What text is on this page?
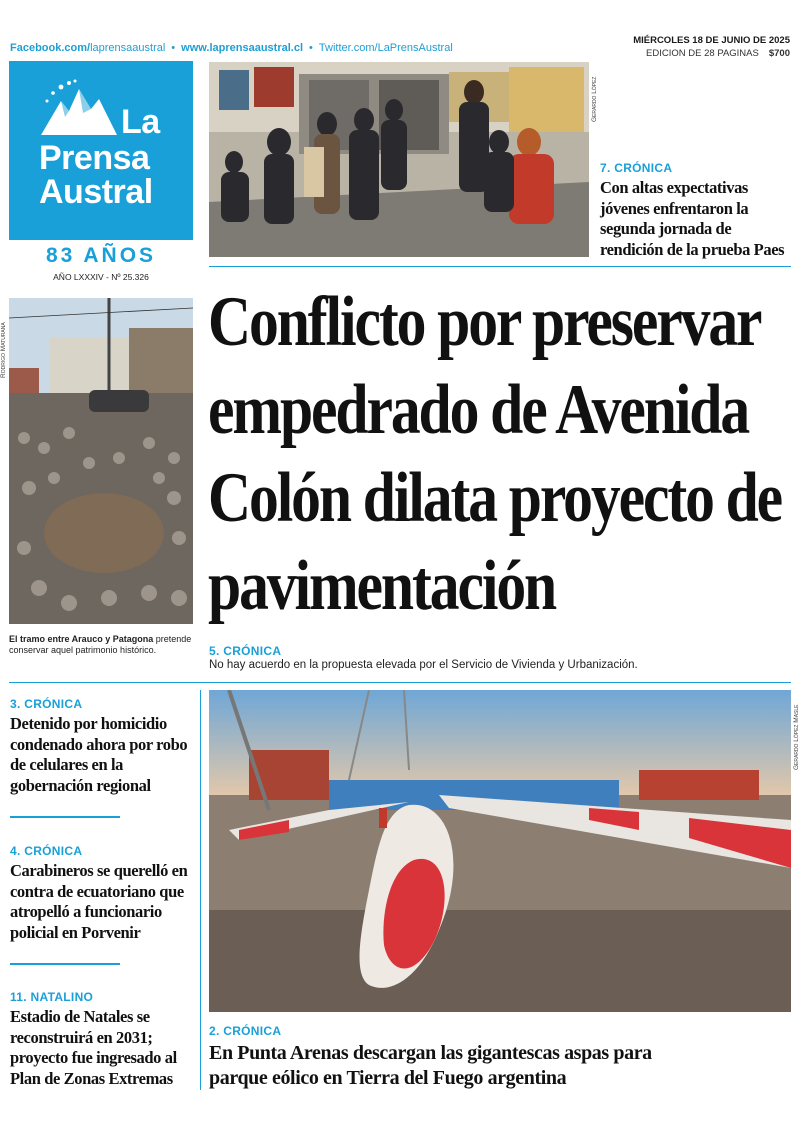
Facebook.com/laprensaaustral • www.laprensaaustral.cl • Twitter.com/LaPrensAustral
MIÉRCOLES 18 DE JUNIO DE 2025
EDICION DE 28 PAGINAS $700
La
Prensa
Austral
83 AÑOS
AÑO LXXXIV - Nº 25.326
Gerardo López
7. CRÓNICA
Con altas expectativas jóvenes enfrentaron la segunda jornada de rendición de la prueba Paes
Rodrigo Maturana
El tramo entre Arauco y Patagona pretende conservar aquel patrimonio histórico.
Conflicto por preservar empedrado de Avenida Colón dilata proyecto de pavimentación
5. CRÓNICA
No hay acuerdo en la propuesta elevada por el Servicio de Vivienda y Urbanización.
3. CRÓNICA
Detenido por homicidio condenado ahora por robo de celulares en la gobernación regional
4. CRÓNICA
Carabineros se querelló en contra de ecuatoriano que atropelló a funcionario policial en Porvenir
11. NATALINO
Estadio de Natales se reconstruirá en 2031; proyecto fue ingresado al Plan de Zonas Extremas
Gerardo López Masle
2. CRÓNICA
En Punta Arenas descargan las gigantescas aspas para parque eólico en Tierra del Fuego argentina
